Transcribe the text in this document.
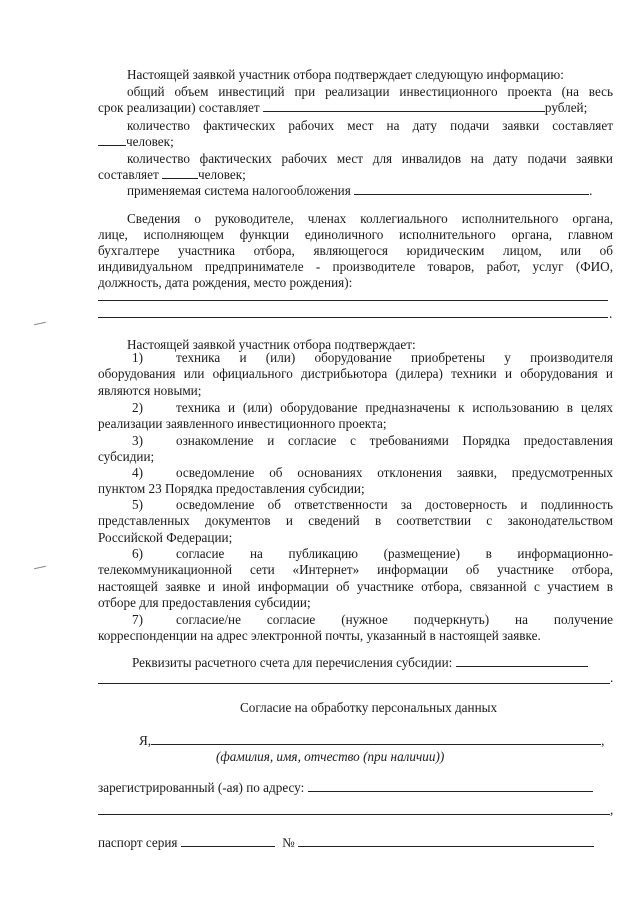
Настоящей заявкой участник отбора подтверждает следующую информацию:
общий объем инвестиций при реализации инвестиционного проекта (на весь
срок реализации) составляет	рублей;
количество фактических рабочих мест на дату подачи заявки составляет
человек;
количество фактических рабочих мест для инвалидов на дату подачи заявки
составляет	человек;
применяемая система налогообложения	.
Сведения о руководителе, членах коллегиального исполнительного органа,
лице, исполняющем функции единоличного исполнительного органа, главном
бухгалтере участника отбора, являющегося юридическим лицом, или об
индивидуальном предпринимателе - производителе товаров, работ, услуг (ФИО,
должность, дата рождения, место рождения):
.
Настоящей заявкой участник отбора подтверждает:
1)	техника и (или) оборудование приобретены у производителя
оборудования или официального дистрибьютора (дилера) техники и оборудования и
являются новыми;
2)	техника и (или) оборудование предназначены к использованию в целях
реализации заявленного инвестиционного проекта;
3)	ознакомление и согласие с требованиями Порядка предоставления
субсидии;
4)	осведомление об основаниях отклонения заявки, предусмотренных
пунктом 23 Порядка предоставления субсидии;
5)	осведомление об ответственности за достоверность и подлинность
представленных документов и сведений в соответствии с законодательством
Российской Федерации;
6)	согласие на публикацию (размещение) в информационно-
телекоммуникационной сети «Интернет» информации об участнике отбора,
настоящей заявке и иной информации об участнике отбора, связанной с участием в
отборе для предоставления субсидии;
7)	согласие/не согласие (нужное подчеркнуть) на получение
корреспонденции на адрес электронной почты, указанный в настоящей заявке.
Реквизиты расчетного счета для перечисления субсидии:
.
Согласие на обработку персональных данных
Я,	,
(фамилия, имя, отчество (при наличии))
зарегистрированный (-ая) по адресу:
,
паспорт серия	№
